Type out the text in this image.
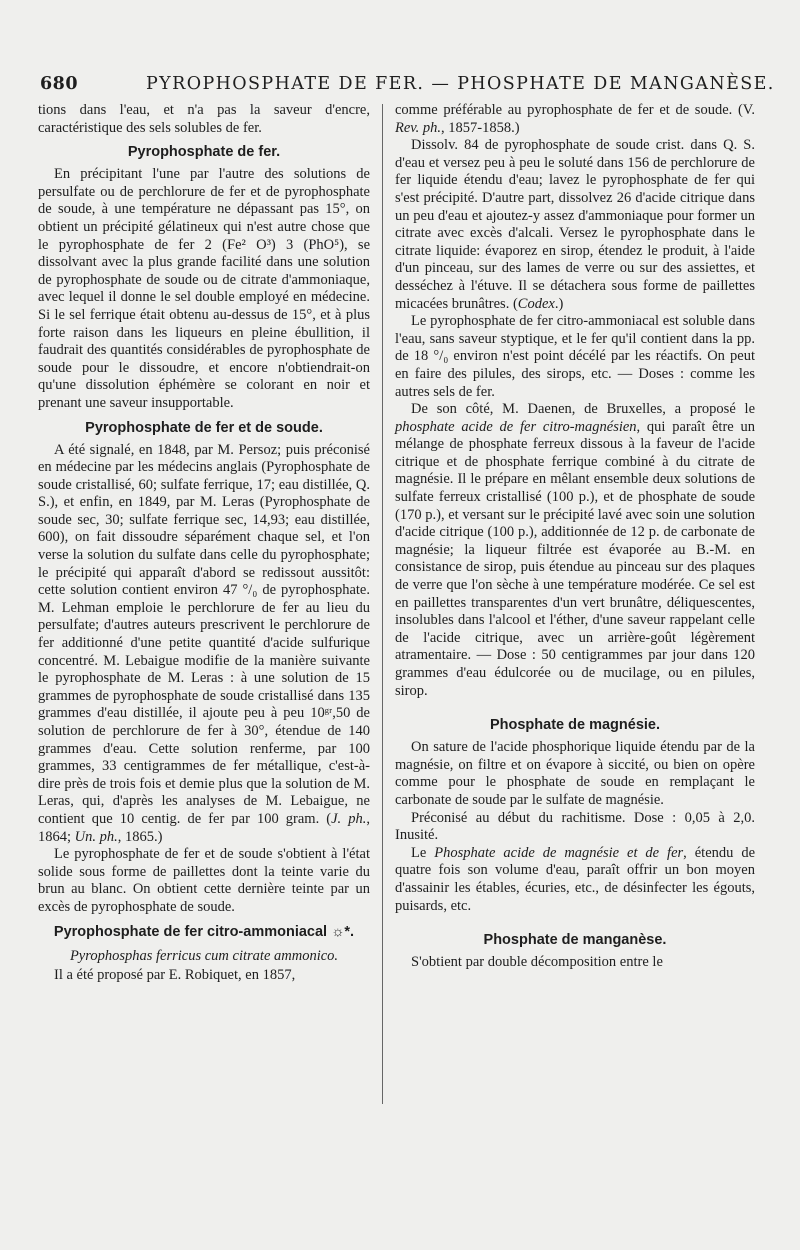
680	PYROPHOSPHATE DE FER. — PHOSPHATE DE MANGANÈSE.

tions dans l'eau, et n'a pas la saveur d'encre, caractéristique des sels solubles de fer.

Pyrophosphate de fer.

En précipitant l'une par l'autre des solutions de persulfate ou de perchlorure de fer et de pyrophosphate de soude, à une température ne dépassant pas 15°, on obtient un précipité gélatineux qui n'est autre chose que le pyrophosphate de fer 2 (Fe² O³) 3 (PhO⁵), se dissolvant avec la plus grande facilité dans une solution de pyrophosphate de soude ou de citrate d'ammoniaque, avec lequel il donne le sel double employé en médecine. Si le sel ferrique était obtenu au-dessus de 15°, et à plus forte raison dans les liqueurs en pleine ébullition, il faudrait des quantités considérables de pyrophosphate de soude pour le dissoudre, et encore n'obtiendrait-on qu'une dissolution éphémère se colorant en noir et prenant une saveur insupportable.

Pyrophosphate de fer et de soude.

A été signalé, en 1848, par M. Persoz; puis préconisé en médecine par les médecins anglais (Pyrophosphate de soude cristallisé, 60; sulfate ferrique, 17; eau distillée, Q. S.), et enfin, en 1849, par M. Leras (Pyrophosphate de soude sec, 30; sulfate ferrique sec, 14,93; eau distillée, 600), on fait dissoudre séparément chaque sel, et l'on verse la solution du sulfate dans celle du pyrophosphate; le précipité qui apparaît d'abord se redissout aussitôt: cette solution contient environ 47 °/₀ de pyrophosphate. M. Lehman emploie le perchlorure de fer au lieu du persulfate; d'autres auteurs prescrivent le perchlorure de fer additionné d'une petite quantité d'acide sulfurique concentré. M. Lebaigue modifie de la manière suivante le pyrophosphate de M. Leras : à une solution de 15 grammes de pyrophosphate de soude cristallisé dans 135 grammes d'eau distillée, il ajoute peu à peu 10ᵍʳ,50 de solution de perchlorure de fer à 30°, étendue de 140 grammes d'eau. Cette solution renferme, par 100 grammes, 33 centigrammes de fer métallique, c'est-à-dire près de trois fois et demie plus que la solution de M. Leras, qui, d'après les analyses de M. Lebaigue, ne contient que 10 centig. de fer par 100 gram. (J. ph., 1864; Un. ph., 1865.)

Le pyrophosphate de fer et de soude s'obtient à l'état solide sous forme de paillettes dont la teinte varie du brun au blanc. On obtient cette dernière teinte par un excès de pyrophosphate de soude.

Pyrophosphate de fer citro-ammoniacal ☼*.
Pyrophosphas ferricus cum citrate ammonico.

Il a été proposé par E. Robiquet, en 1857,

comme préférable au pyrophosphate de fer et de soude. (V. Rev. ph., 1857-1858.)

Dissolv. 84 de pyrophosphate de soude crist. dans Q. S. d'eau et versez peu à peu le soluté dans 156 de perchlorure de fer liquide étendu d'eau; lavez le pyrophosphate de fer qui s'est précipité. D'autre part, dissolvez 26 d'acide citrique dans un peu d'eau et ajoutez-y assez d'ammoniaque pour former un citrate avec excès d'alcali. Versez le pyrophosphate dans le citrate liquide: évaporez en sirop, étendez le produit, à l'aide d'un pinceau, sur des lames de verre ou sur des assiettes, et desséchez à l'étuve. Il se détachera sous forme de paillettes micacées brunâtres. (Codex.)

Le pyrophosphate de fer citro-ammoniacal est soluble dans l'eau, sans saveur styptique, et le fer qu'il contient dans la pp. de 18 °/₀ environ n'est point décélé par les réactifs. On peut en faire des pilules, des sirops, etc. — Doses : comme les autres sels de fer.

De son côté, M. Daenen, de Bruxelles, a proposé le phosphate acide de fer citro-magnésien, qui paraît être un mélange de phosphate ferreux dissous à la faveur de l'acide citrique et de phosphate ferrique combiné à du citrate de magnésie. Il le prépare en mêlant ensemble deux solutions de sulfate ferreux cristallisé (100 p.), et de phosphate de soude (170 p.), et versant sur le précipité lavé avec soin une solution d'acide citrique (100 p.), additionnée de 12 p. de carbonate de magnésie; la liqueur filtrée est évaporée au B.-M. en consistance de sirop, puis étendue au pinceau sur des plaques de verre que l'on sèche à une température modérée. Ce sel est en paillettes transparentes d'un vert brunâtre, déliquescentes, insolubles dans l'alcool et l'éther, d'une saveur rappelant celle de l'acide citrique, avec un arrière-goût légèrement atramentaire. — Dose : 50 centigrammes par jour dans 120 grammes d'eau édulcorée ou de mucilage, ou en pilules, sirop.

Phosphate de magnésie.

On sature de l'acide phosphorique liquide étendu par de la magnésie, on filtre et on évapore à siccité, ou bien on opère comme pour le phosphate de soude en remplaçant le carbonate de soude par le sulfate de magnésie.

Préconisé au début du rachitisme. Dose : 0,05 à 2,0. Inusité.

Le Phosphate acide de magnésie et de fer, étendu de quatre fois son volume d'eau, paraît offrir un bon moyen d'assainir les étables, écuries, etc., de désinfecter les égouts, puisards, etc.

Phosphate de manganèse.

S'obtient par double décomposition entre le
